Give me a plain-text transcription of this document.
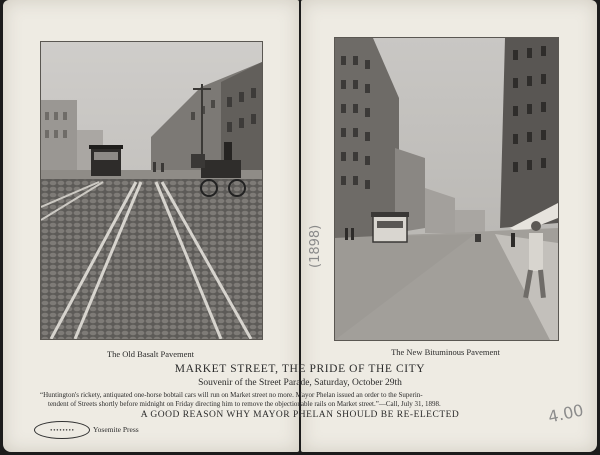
The Old Basalt Pavement	The New Bituminous Pavement
MARKET STREET, THE PRIDE OF THE CITY
Souvenir of the Street Parade, Saturday, October 29th
“Huntington's rickety, antiquated one-horse bobtail cars will run on Market street no more. Mayor Phelan issued an order to the Superin-
tendent of Streets shortly before midnight on Friday directing him to remove the objectionable rails on Market street.”—Call, July 31, 1898.
A GOOD REASON WHY MAYOR PHELAN SHOULD BE RE-ELECTED
● ● ● ● ● ● ● ●	Yosemite Press
(1898)
4.00
